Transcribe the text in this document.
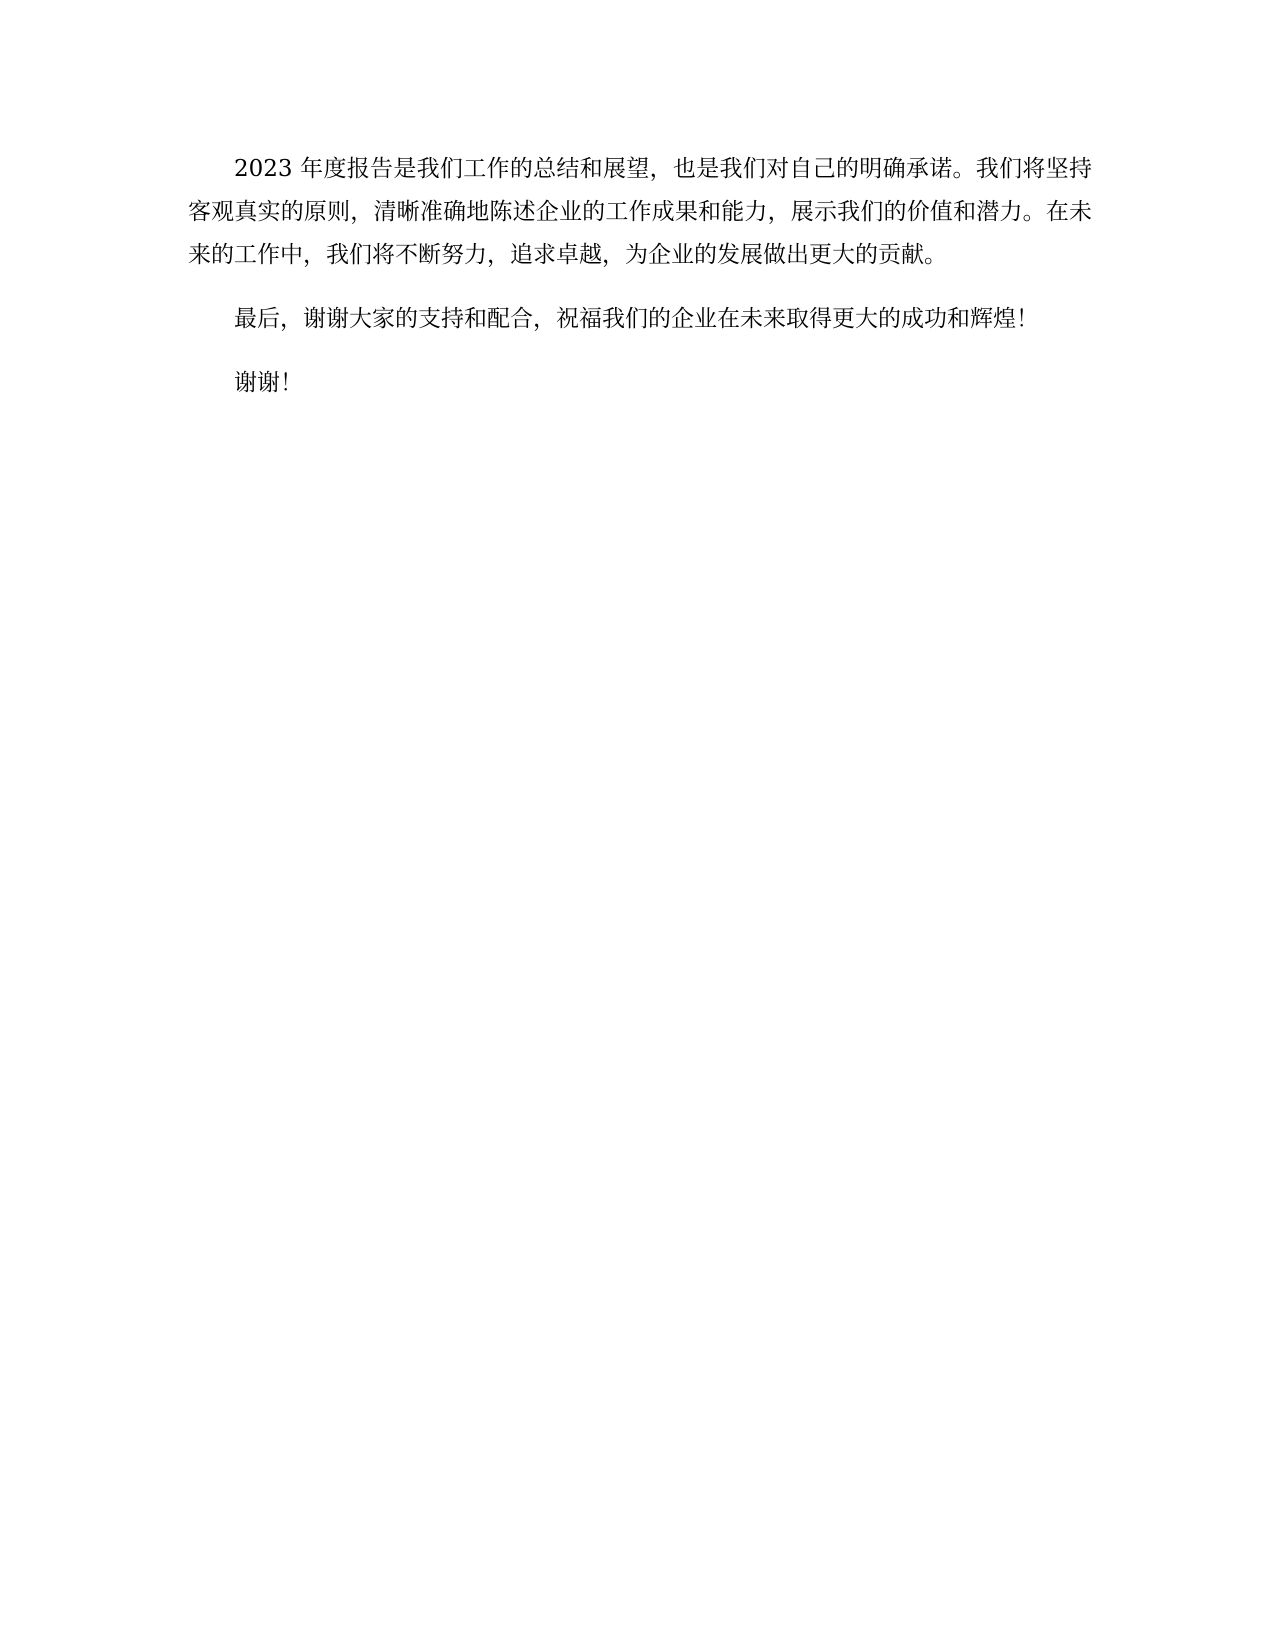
2023 年度报告是我们工作的总结和展望，也是我们对自己的明确承诺。我们将坚持客观真实的原则，清晰准确地陈述企业的工作成果和能力，展示我们的价值和潜力。在未来的工作中，我们将不断努力，追求卓越，为企业的发展做出更大的贡献。

最后，谢谢大家的支持和配合，祝福我们的企业在未来取得更大的成功和辉煌！

谢谢！
